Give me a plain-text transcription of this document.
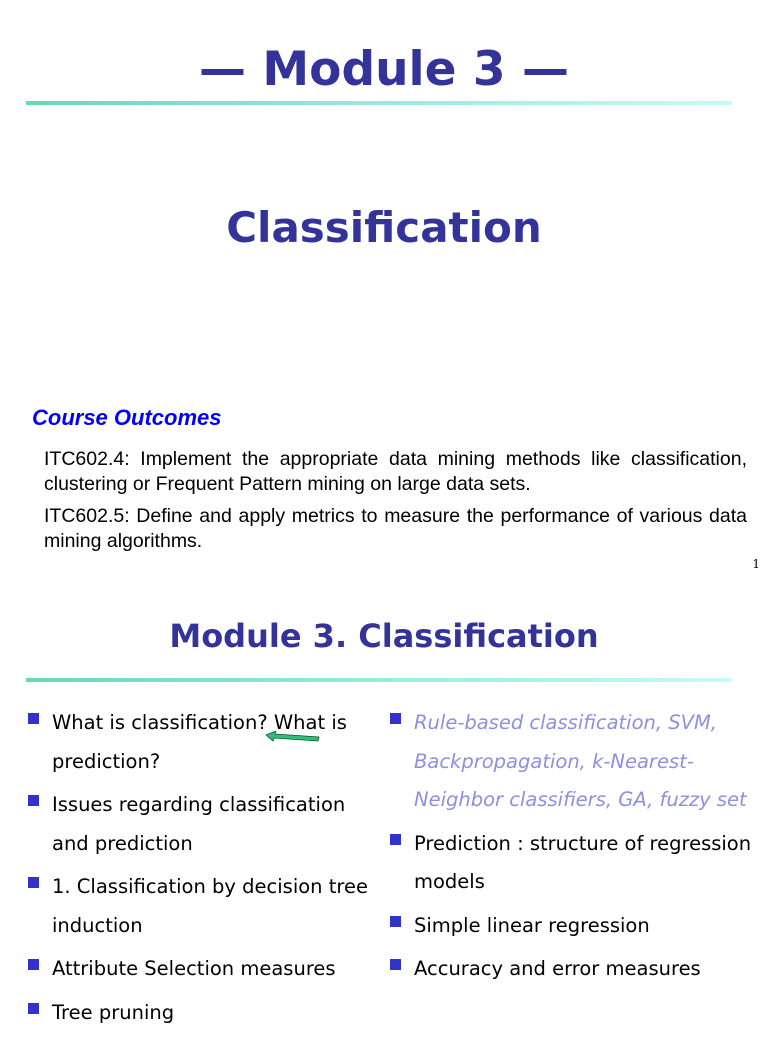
— Module 3 —
Classification
Course Outcomes

ITC602.4: Implement the appropriate data mining methods like classification, clustering or Frequent Pattern mining on large data sets.

ITC602.5: Define and apply metrics to measure the performance of various data mining algorithms.

1
Module 3. Classification
What is classification? What is prediction?
Issues regarding classification and prediction
1. Classification by decision tree induction
Attribute Selection measures
Tree pruning
Rule-based classification, SVM, Backpropagation, k-Nearest-Neighbor classifiers, GA, fuzzy set
Prediction : structure of regression models
Simple linear regression
Accuracy and error measures
